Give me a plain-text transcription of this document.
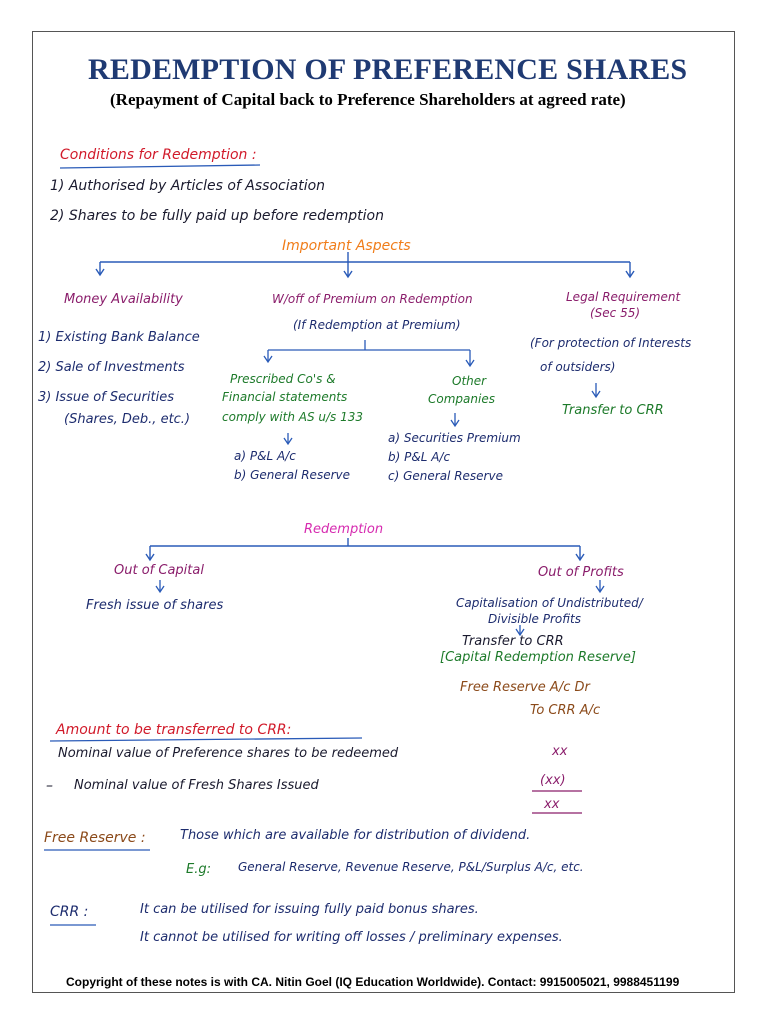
REDEMPTION OF PREFERENCE SHARES
(Repayment of Capital back to Preference Shareholders at agreed rate)
Conditions for Redemption :
1) Authorised by Articles of Association
2) Shares to be fully paid up before redemption
Important Aspects
Money Availability
1) Existing Bank Balance
2) Sale of Investments
3) Issue of Securities
(Shares, Deb., etc.)
W/off of Premium on Redemption
(If Redemption at Premium)
Prescribed Co's &
Financial statements
comply with AS u/s 133
a) P&L A/c
b) General Reserve
Other
Companies
a) Securities Premium
b) P&L A/c
c) General Reserve
Legal Requirement
(Sec 55)
(For protection of Interests
of outsiders)
Transfer to CRR
Redemption
Out of Capital
Fresh issue of shares
Out of Profits
Capitalisation of Undistributed/
Divisible Profits
Transfer to CRR
[Capital Redemption Reserve]
Free Reserve A/c Dr
To CRR A/c
Amount to be transferred to CRR:
Nominal value of Preference shares to be redeemed	xx
– Nominal value of Fresh Shares Issued	(xx)
xx
Free Reserve :	Those which are available for distribution of dividend.
E.g: General Reserve, Revenue Reserve, P&L/Surplus A/c, etc.
CRR :	It can be utilised for issuing fully paid bonus shares.
It cannot be utilised for writing off losses / preliminary expenses.
Copyright of these notes is with CA. Nitin Goel (IQ Education Worldwide). Contact: 9915005021, 9988451199
